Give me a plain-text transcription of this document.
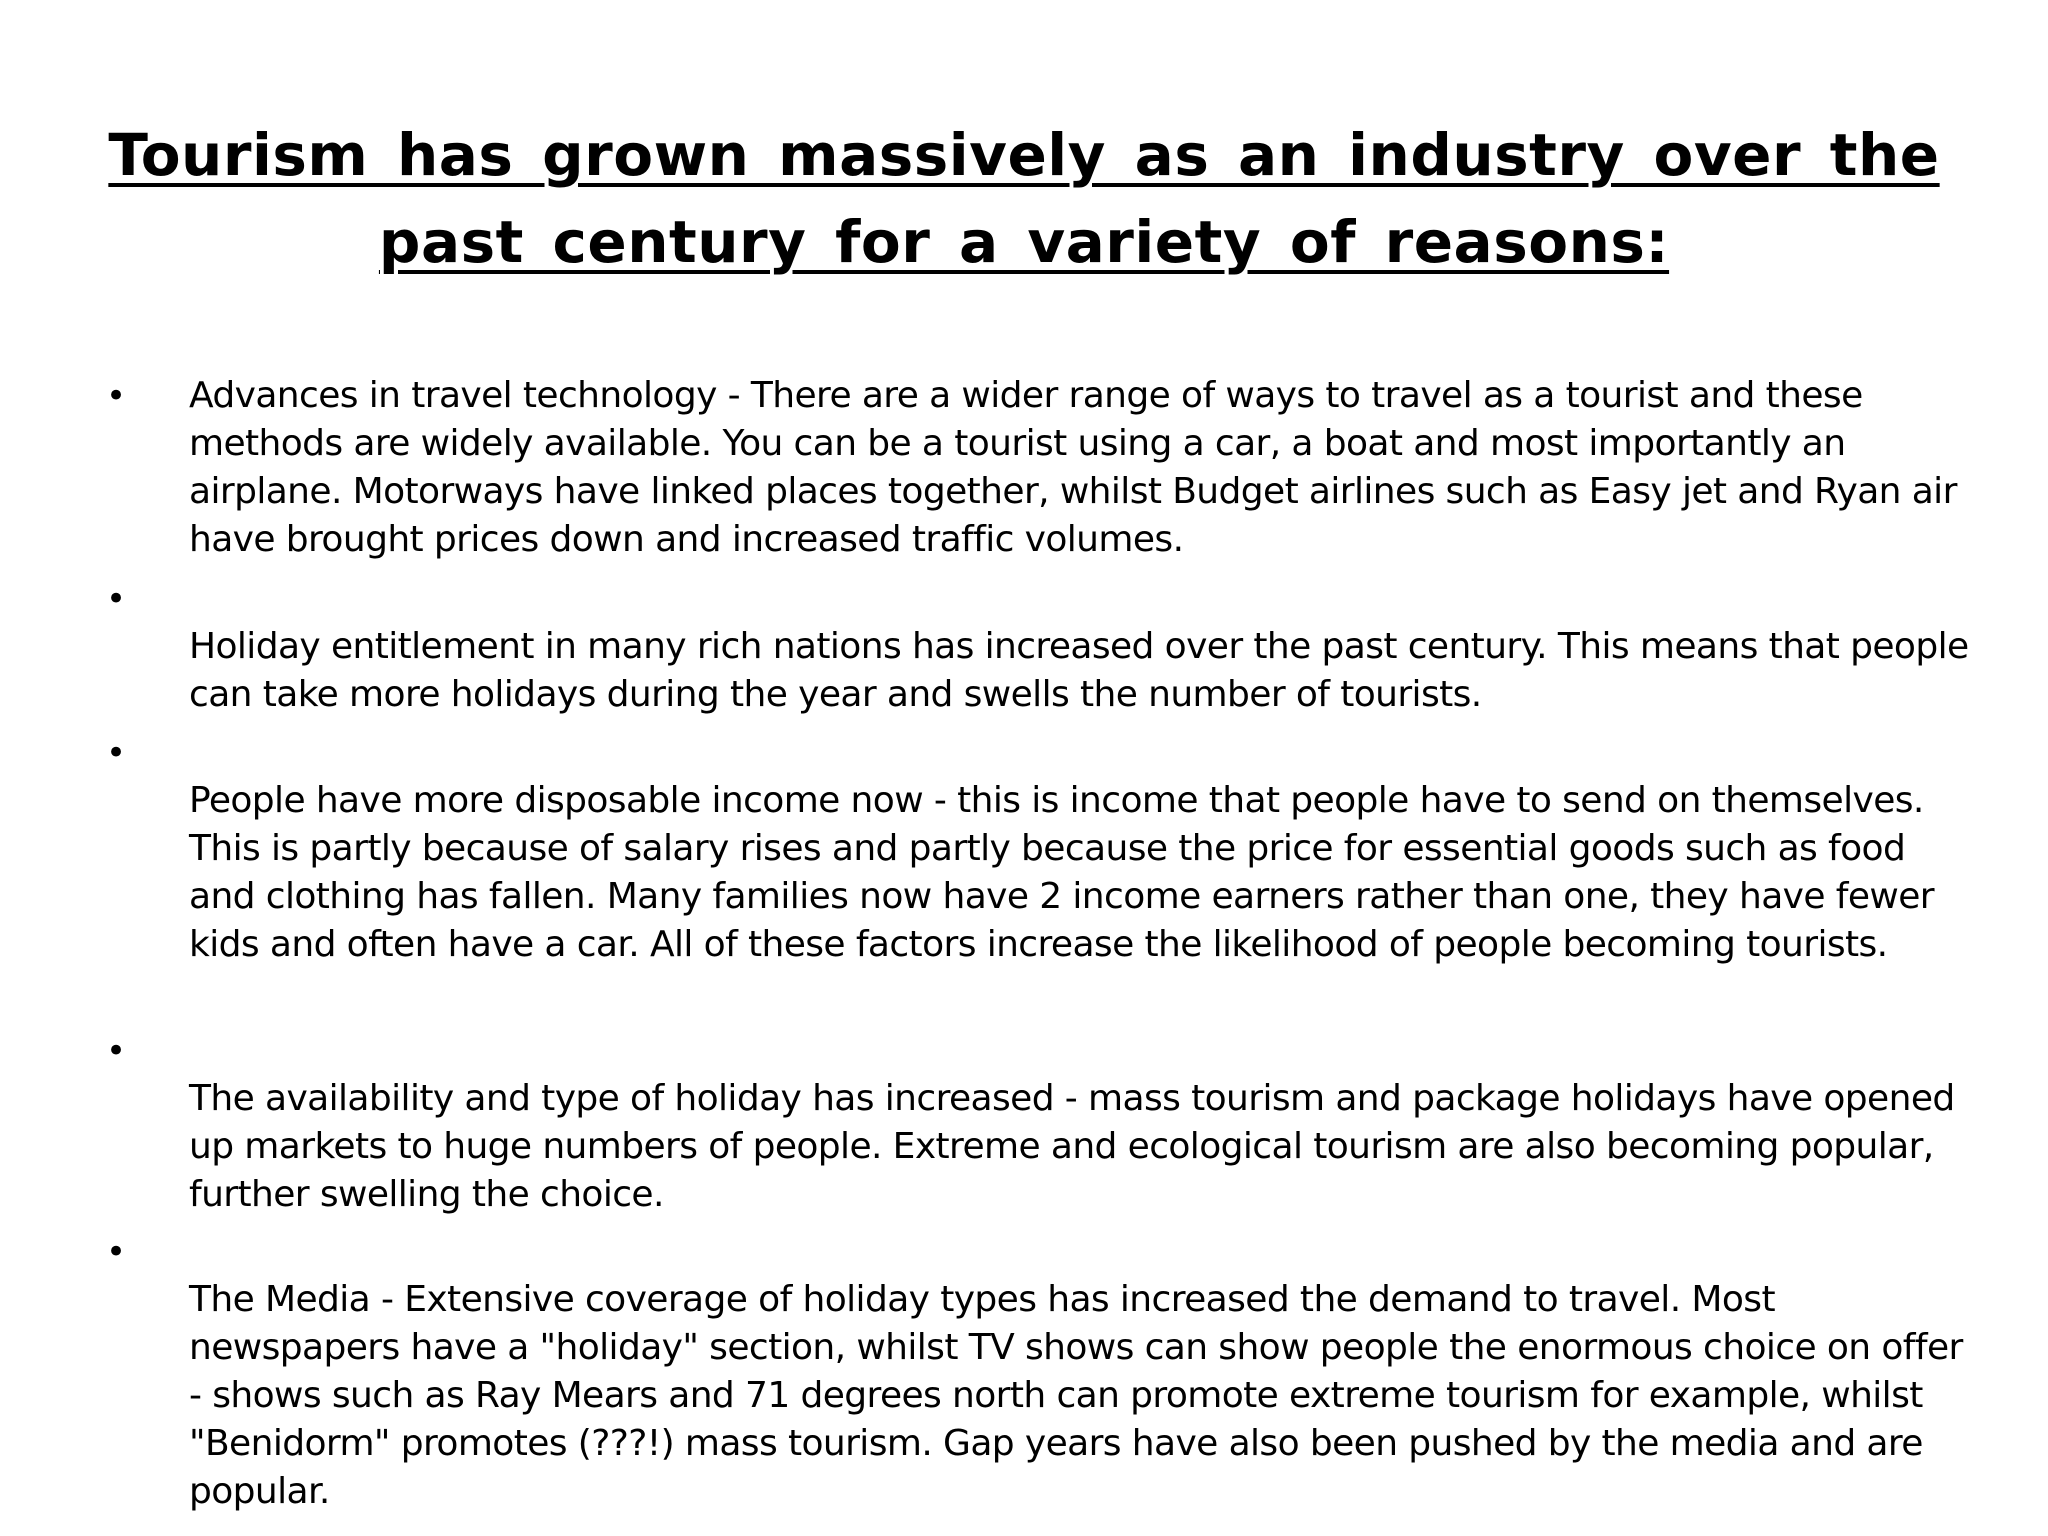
Tourism has grown massively as an industry over the past century for a variety of reasons:
• Advances in travel technology - There are a wider range of ways to travel as a tourist and these methods are widely available. You can be a tourist using a car, a boat and most importantly an airplane. Motorways have linked places together, whilst Budget airlines such as Easy jet and Ryan air have brought prices down and increased traffic volumes.
•
Holiday entitlement in many rich nations has increased over the past century. This means that people can take more holidays during the year and swells the number of tourists.
•
People have more disposable income now - this is income that people have to send on themselves. This is partly because of salary rises and partly because the price for essential goods such as food and clothing has fallen. Many families now have 2 income earners rather than one, they have fewer kids and often have a car. All of these factors increase the likelihood of people becoming tourists.
•
The availability and type of holiday has increased - mass tourism and package holidays have opened up markets to huge numbers of people. Extreme and ecological tourism are also becoming popular, further swelling the choice.
•
The Media - Extensive coverage of holiday types has increased the demand to travel. Most newspapers have a "holiday" section, whilst TV shows can show people the enormous choice on offer - shows such as Ray Mears and 71 degrees north can promote extreme tourism for example, whilst "Benidorm" promotes (???!) mass tourism. Gap years have also been pushed by the media and are popular.
